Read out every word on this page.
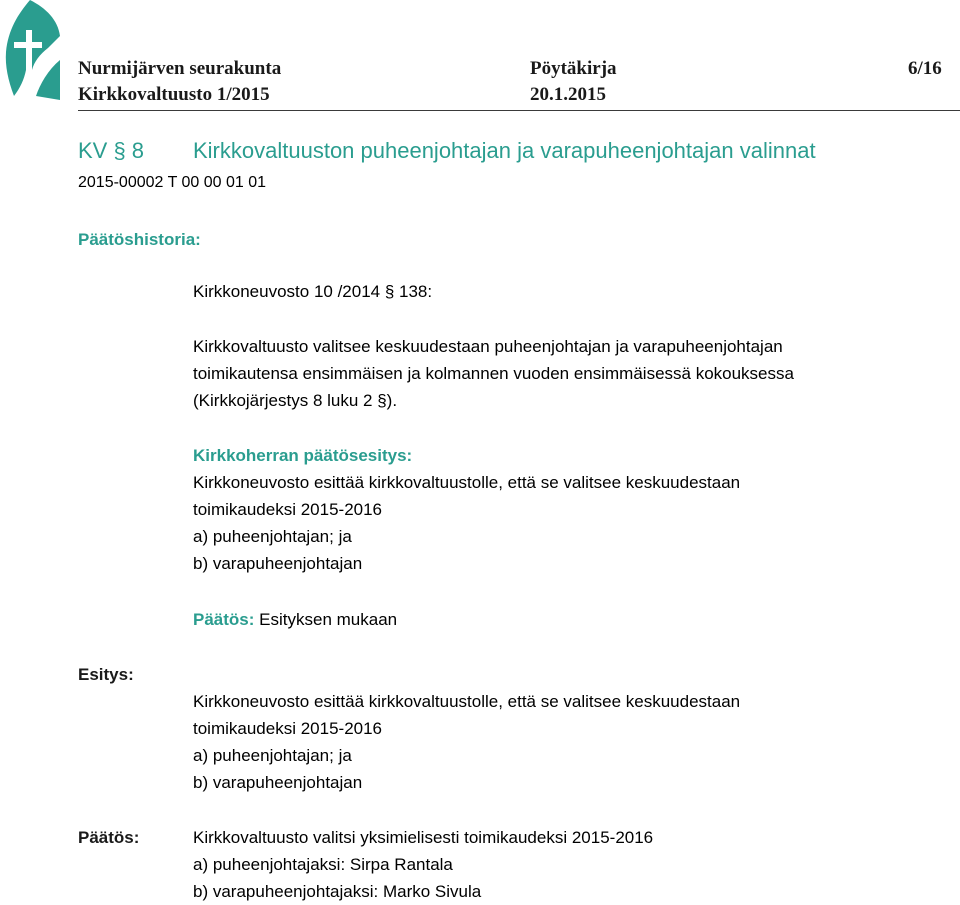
Nurmijärven seurakunta	Pöytäkirja	6/16
Kirkkovaltuusto 1/2015	20.1.2015
KV § 8 Kirkkovaltuuston puheenjohtajan ja varapuheenjohtajan valinnat
2015-00002 T 00 00 01 01
Päätöshistoria:
Kirkkoneuvosto 10 /2014 § 138:
Kirkkovaltuusto valitsee keskuudestaan puheenjohtajan ja varapuheenjohtajan
toimikautensa ensimmäisen ja kolmannen vuoden ensimmäisessä kokouksessa
(Kirkkojärjestys 8 luku 2 §).
Kirkkoherran päätösesitys:
Kirkkoneuvosto esittää kirkkovaltuustolle, että se valitsee keskuudestaan
toimikaudeksi 2015-2016
a) puheenjohtajan; ja
b) varapuheenjohtajan
Päätös: Esityksen mukaan
Esitys:
Kirkkoneuvosto esittää kirkkovaltuustolle, että se valitsee keskuudestaan
toimikaudeksi 2015-2016
a) puheenjohtajan; ja
b) varapuheenjohtajan
Päätös:	Kirkkovaltuusto valitsi yksimielisesti toimikaudeksi 2015-2016
a) puheenjohtajaksi: Sirpa Rantala
b) varapuheenjohtajaksi: Marko Sivula
